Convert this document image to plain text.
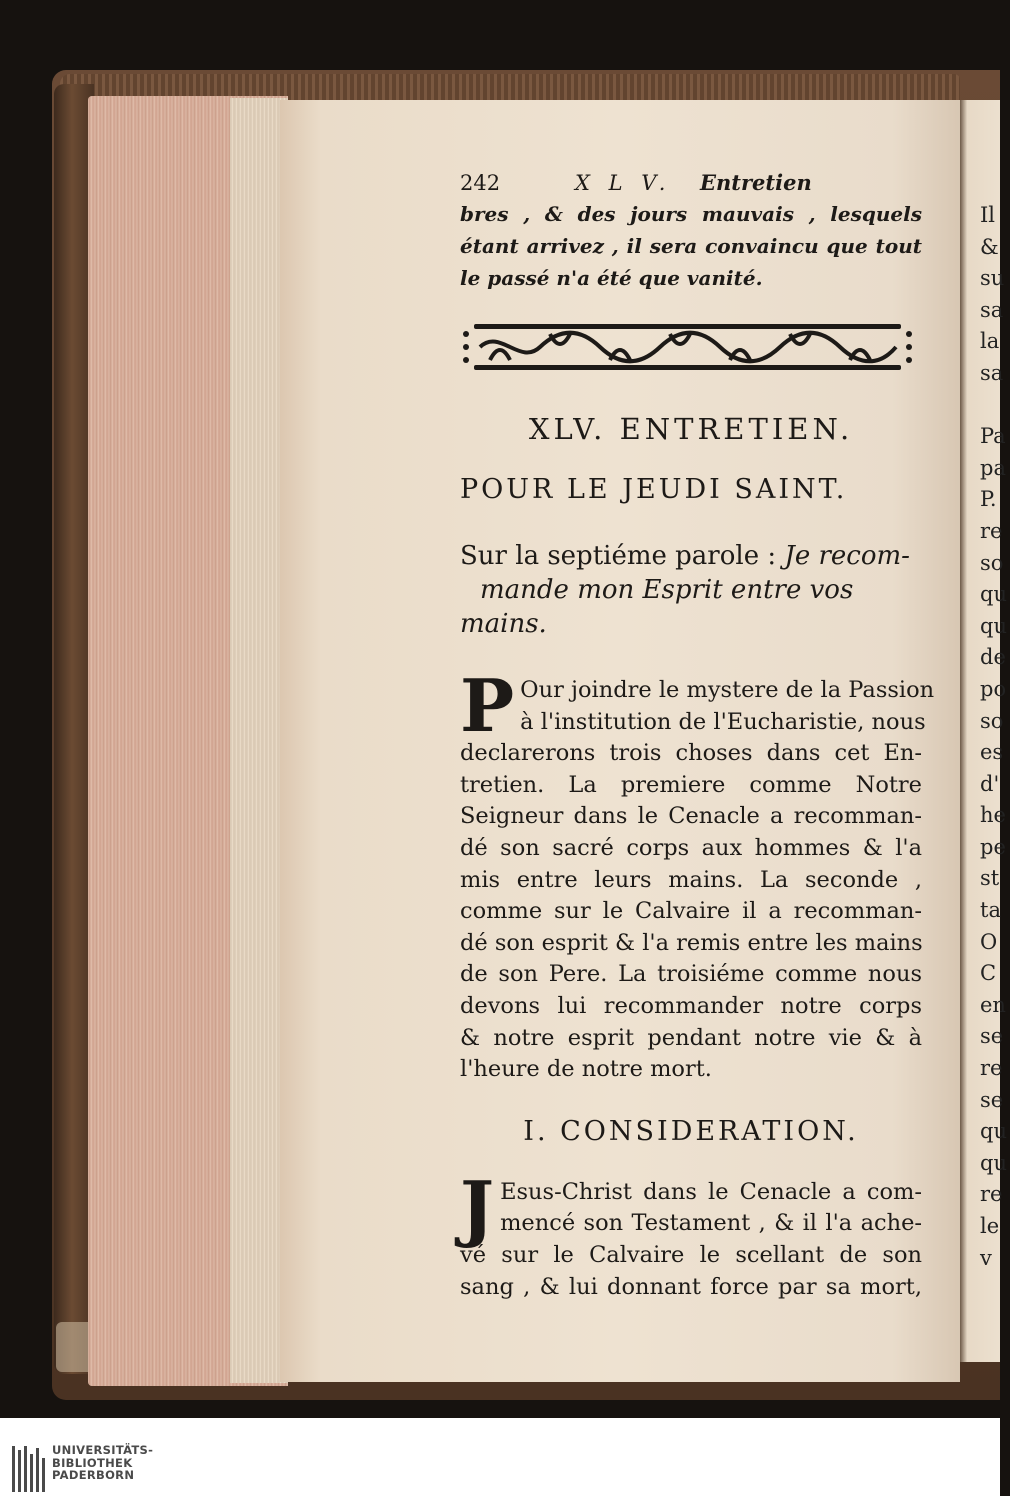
Il
&
su
sa
la
sa

Pa
pa
P.
re
so
qu
qu
de
po
so
es
d'
he
pe
st
ta
O
C
en
se
re
se
qu
qu
re
le
v
242	X L V.	Entretien
bres , & des jours mauvais , lesquels
étant arrivez , il sera convaincu que tout
le passé n'a été que vanité.
XLV. ENTRETIEN.
POUR LE JEUDI SAINT.
Sur la septiéme parole : Je recom-
mande mon Esprit entre vos mains.
P Our joindre le mystere de la Passion
à l'institution de l'Eucharistie, nous
declarerons trois choses dans cet En-
tretien. La premiere comme Notre
Seigneur dans le Cenacle a recomman-
dé son sacré corps aux hommes & l'a
mis entre leurs mains. La seconde ,
comme sur le Calvaire il a recomman-
dé son esprit & l'a remis entre les mains
de son Pere. La troisiéme comme nous
devons lui recommander notre corps
& notre esprit pendant notre vie & à
l'heure de notre mort.
I. CONSIDERATION.
J Esus-Christ dans le Cenacle a com-
mencé son Testament , & il l'a ache-
vé sur le Calvaire le scellant de son
sang , & lui donnant force par sa mort,
UNIVERSITÄTS-
BIBLIOTHEK
PADERBORN
